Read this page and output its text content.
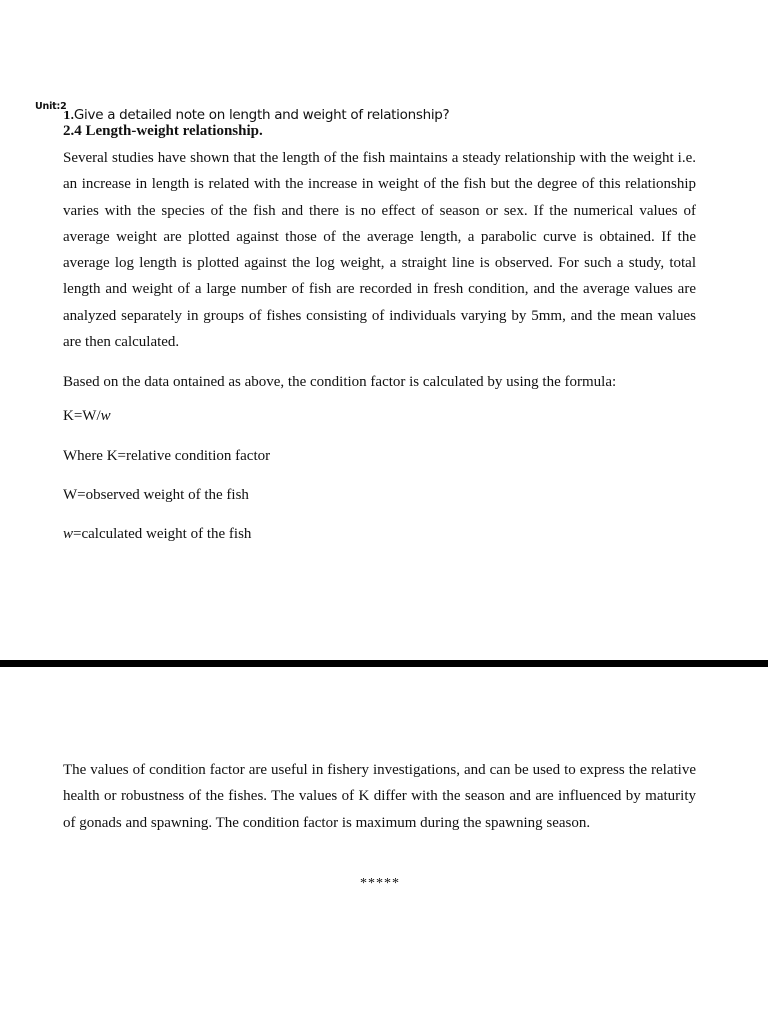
Unit:2
1.Give a detailed note on length and weight of relationship?
2.4 Length-weight relationship.
Several studies have shown that the length of the fish maintains a steady relationship with the weight i.e. an increase in length is related with the increase in weight of the fish but the degree of this relationship varies with the species of the fish and there is no effect of season or sex. If the numerical values of average weight are plotted against those of the average length, a parabolic curve is obtained. If the average log length is plotted against the log weight, a straight line is observed. For such a study, total length and weight of a large number of fish are recorded in fresh condition, and the average values are analyzed separately in groups of fishes consisting of individuals varying by 5mm, and the mean values are then calculated.
Based on the data ontained as above, the condition factor is calculated by using the formula:
K=W/w
Where K=relative condition factor
W=observed weight of the fish
w=calculated weight of the fish
The values of condition factor are useful in fishery investigations, and can be used to express the relative health or robustness of the fishes. The values of K differ with the season and are influenced by maturity of gonads and spawning. The condition factor is maximum during the spawning season.
*****
